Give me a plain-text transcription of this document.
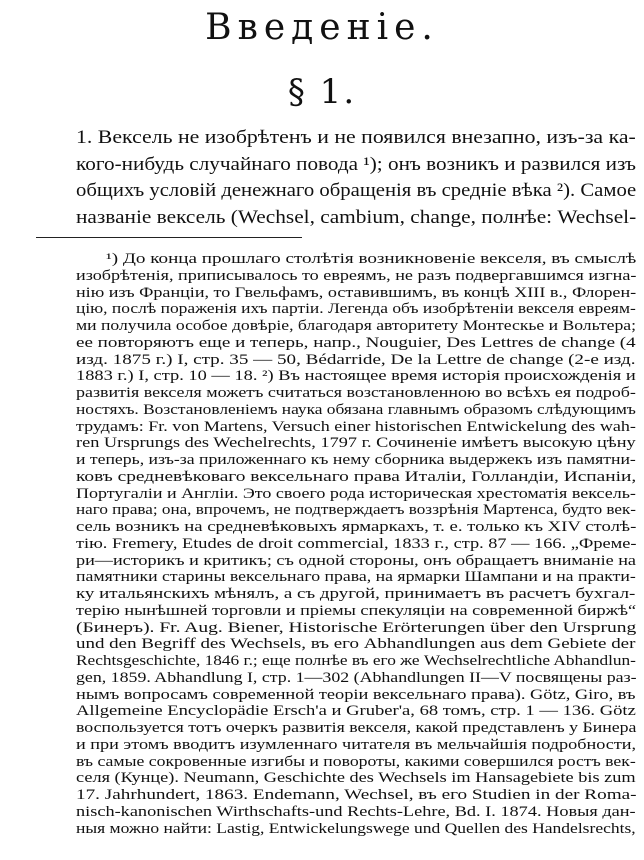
Введеніе.
§ 1.
1. Вексель не изобрѣтенъ и не появился внезапно, изъ-за ка-
кого-нибудь случайнаго повода ¹); онъ возникъ и развился изъ
общихъ условій денежнаго обращенія въ средніе вѣка ²). Самое
названіе вексель (Wechsel, cambium, change, полнѣе: Wechsel-
¹) До конца прошлаго столѣтія возникновеніе векселя, въ смыслѣ
изобрѣтенія, приписывалось то евреямъ, не разъ подвергавшимся изгна-
нію изъ Франціи, то Гвельфамъ, оставившимъ, въ концѣ XIII в., Флорен-
цію, послѣ пораженія ихъ партіи. Легенда объ изобрѣтеніи векселя евреям-
ми получила особое довѣріе, благодаря авторитету Монтескье и Вольтера;
ее повторяютъ еще и теперь, напр., Nouguier, Des Lettres de change (4
изд. 1875 г.) I, стр. 35 — 50, Bédarride, De la Lettre de change (2-е изд.
1883 г.) I, стр. 10 — 18. ²) Въ настоящее время исторія происхожденія и
развитія векселя можетъ считаться возстановленною во всѣхъ ея подроб-
ностяхъ. Возстановленіемъ наука обязана главнымъ образомъ слѣдующимъ
трудамъ: Fr. von Martens, Versuch einer historischen Entwickelung des wah-
ren Ursprungs des Wechelrechts, 1797 г. Сочиненіе имѣетъ высокую цѣну
и теперь, изъ-за приложеннаго къ нему сборника выдержекъ изъ памятни-
ковъ средневѣковаго вексельнаго права Италіи, Голландіи, Испаніи,
Португаліи и Англіи. Это своего рода историческая хрестоматія вексель-
наго права; она, впрочемъ, не подтверждаетъ воззрѣнія Мартенса, будто век-
сель возникъ на средневѣковыхъ ярмаркахъ, т. е. только къ XIV столѣ-
тію. Fremery, Etudes de droit commercial, 1833 г., стр. 87 — 166. „Фреме-
ри—историкъ и критикъ; съ одной стороны, онъ обращаетъ вниманіе на
памятники старины вексельнаго права, на ярмарки Шампани и на практи-
ку итальянскихъ мѣнялъ, а съ другой, принимаетъ въ расчетъ бухгал-
терію нынѣшней торговли и пріемы спекуляціи на современной биржѣ“
(Бинеръ). Fr. Aug. Biener, Historische Erörterungen über den Ursprung
und den Begriff des Wechsels, въ его Abhandlungen aus dem Gebiete der
Rechtsgeschichte, 1846 г.; еще полнѣе въ его же Wechselrechtliche Abhandlun-
gen, 1859. Abhandlung I, стр. 1—302 (Abhandlungen II—V посвящены раз-
нымъ вопросамъ современной теоріи вексельнаго права). Götz, Giro, въ
Allgemeine Encyclopädie Ersch'a и Gruber'a, 68 томъ, стр. 1 — 136. Götz
воспользуется тотъ очеркъ развитія векселя, какой представленъ у Бинера
и при этомъ вводитъ изумленнаго читателя въ мельчайшія подробности,
въ самые сокровенные изгибы и повороты, какими совершился ростъ век-
селя (Кунце). Neumann, Geschichte des Wechsels im Hansagebiete bis zum
17. Jahrhundert, 1863. Endemann, Wechsel, въ его Studien in der Roma-
nisch-kanonischen Wirthschafts-und Rechts-Lehre, Bd. I. 1874. Новыя дан-
ныя можно найти: Lastig, Entwickelungswege und Quellen des Handelsrechts,
